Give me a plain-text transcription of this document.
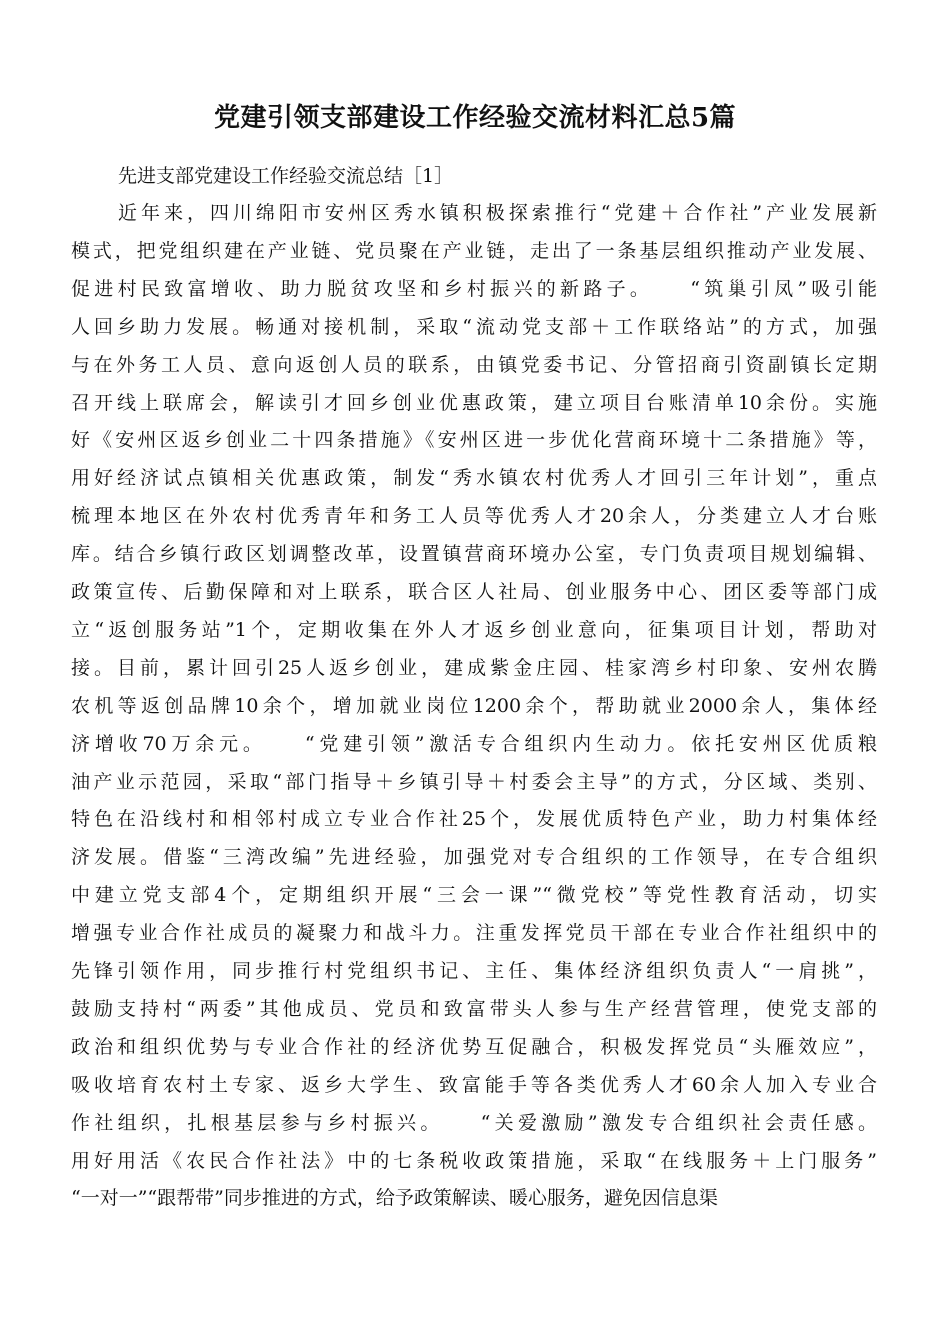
党建引领支部建设工作经验交流材料汇总5篇

先进支部党建设工作经验交流总结［1］

近年来，四川绵阳市安州区秀水镇积极探索推行“党建＋合作社”产业发展新

模式，把党组织建在产业链、党员聚在产业链，走出了一条基层组织推动产业发展、

促进村民致富增收、助力脱贫攻坚和乡村振兴的新路子。　　“筑巢引凤”吸引能

人回乡助力发展。畅通对接机制，采取“流动党支部＋工作联络站”的方式，加强

与在外务工人员、意向返创人员的联系，由镇党委书记、分管招商引资副镇长定期

召开线上联席会，解读引才回乡创业优惠政策，建立项目台账清单10余份。实施

好《安州区返乡创业二十四条措施》《安州区进一步优化营商环境十二条措施》等，

用好经济试点镇相关优惠政策，制发“秀水镇农村优秀人才回引三年计划”，重点

梳理本地区在外农村优秀青年和务工人员等优秀人才20余人，分类建立人才台账

库。结合乡镇行政区划调整改革，设置镇营商环境办公室，专门负责项目规划编辑、

政策宣传、后勤保障和对上联系，联合区人社局、创业服务中心、团区委等部门成

立“返创服务站”1个，定期收集在外人才返乡创业意向，征集项目计划，帮助对

接。目前，累计回引25人返乡创业，建成紫金庄园、桂家湾乡村印象、安州农腾

农机等返创品牌10余个，增加就业岗位1200余个，帮助就业2000余人，集体经

济增收70万余元。　　“党建引领”激活专合组织内生动力。依托安州区优质粮

油产业示范园，采取“部门指导＋乡镇引导＋村委会主导”的方式，分区域、类别、

特色在沿线村和相邻村成立专业合作社25个，发展优质特色产业，助力村集体经

济发展。借鉴“三湾改编”先进经验，加强党对专合组织的工作领导，在专合组织

中建立党支部4个，定期组织开展“三会一课”“微党校”等党性教育活动，切实

增强专业合作社成员的凝聚力和战斗力。注重发挥党员干部在专业合作社组织中的

先锋引领作用，同步推行村党组织书记、主任、集体经济组织负责人“一肩挑”，

鼓励支持村“两委”其他成员、党员和致富带头人参与生产经营管理，使党支部的

政治和组织优势与专业合作社的经济优势互促融合，积极发挥党员“头雁效应”，

吸收培育农村土专家、返乡大学生、致富能手等各类优秀人才60余人加入专业合

作社组织，扎根基层参与乡村振兴。　　“关爱激励”激发专合组织社会责任感。

用好用活《农民合作社法》中的七条税收政策措施，采取“在线服务＋上门服务”

“一对一”“跟帮带”同步推进的方式，给予政策解读、暖心服务，避免因信息渠
